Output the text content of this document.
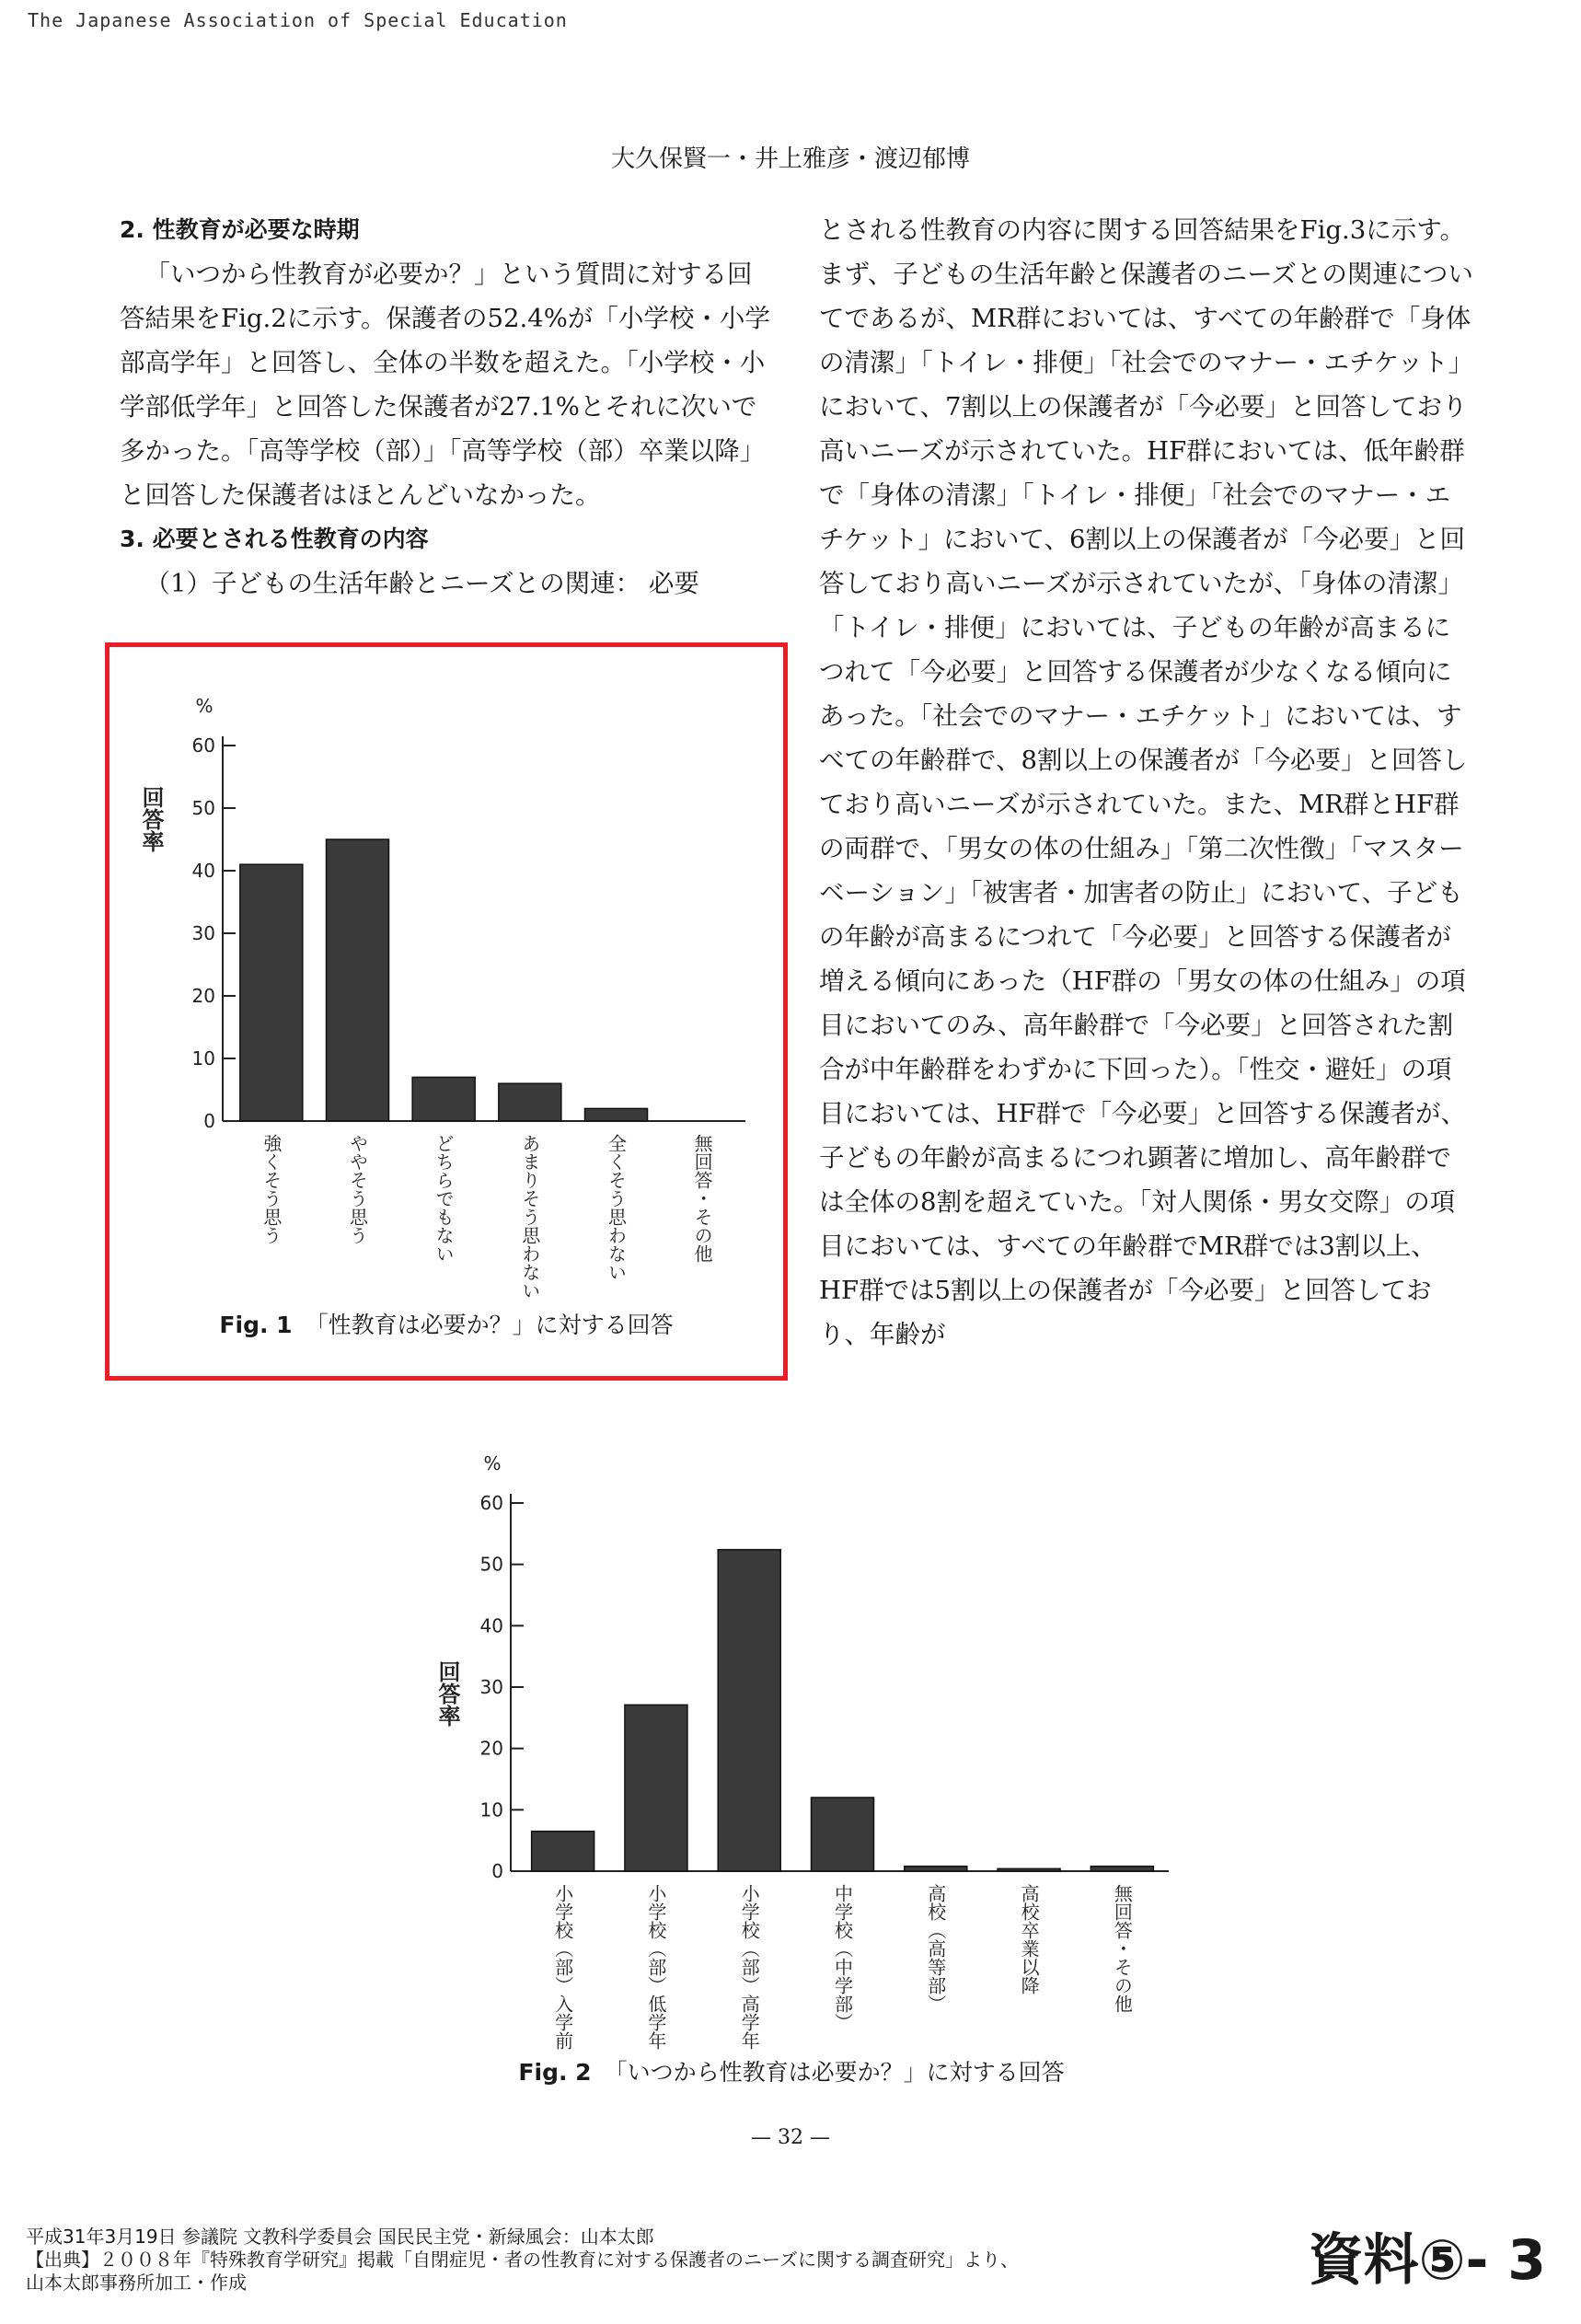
The Japanese Association of Special Education
大久保賢一・井上雅彦・渡辺郁博

2. 性教育が必要な時期

「いつから性教育が必要か？」という質問に対する回答結果をFig.2に示す。保護者の52.4%が「小学校・小学部高学年」と回答し、全体の半数を超えた。「小学校・小学部低学年」と回答した保護者が27.1%とそれに次いで多かった。「高等学校（部）」「高等学校（部）卒業以降」と回答した保護者はほとんどいなかった。

3. 必要とされる性教育の内容

（1）子どもの生活年齢とニーズとの関連： 必要

とされる性教育の内容に関する回答結果をFig.3に示す。まず、子どもの生活年齢と保護者のニーズとの関連についてであるが、MR群においては、すべての年齢群で「身体の清潔」「トイレ・排便」「社会でのマナー・エチケット」において、7割以上の保護者が「今必要」と回答しており高いニーズが示されていた。HF群においては、低年齢群で「身体の清潔」「トイレ・排便」「社会でのマナー・エチケット」において、6割以上の保護者が「今必要」と回答しており高いニーズが示されていたが、「身体の清潔」「トイレ・排便」においては、子どもの年齢が高まるにつれて「今必要」と回答する保護者が少なくなる傾向にあった。「社会でのマナー・エチケット」においては、すべての年齢群で、8割以上の保護者が「今必要」と回答しており高いニーズが示されていた。また、MR群とHF群の両群で、「男女の体の仕組み」「第二次性徴」「マスターベーション」「被害者・加害者の防止」において、子どもの年齢が高まるにつれて「今必要」と回答する保護者が増える傾向にあった（HF群の「男女の体の仕組み」の項目においてのみ、高年齢群で「今必要」と回答された割合が中年齢群をわずかに下回った）。「性交・避妊」の項目においては、HF群で「今必要」と回答する保護者が、子どもの年齢が高まるにつれ顕著に増加し、高年齢群では全体の8割を超えていた。「対人関係・男女交際」の項目においては、すべての年齢群でMR群では3割以上、HF群では5割以上の保護者が「今必要」と回答しており、年齢が

0
10
20
30
40
50
60
%
回答率
強くそう思う	ややそう思う	どちらでもない	あまりそう思わない	全くそう思わない	無回答・その他
Fig. 1 「性教育は必要か？」に対する回答
0
10
20
30
40
50
60
%
回答率
小学校（部）入学前	小学校（部）低学年	小学校（部）高学年	中学校（中学部）	高校（高等部）	高校卒業以降	無回答・その他
Fig. 2 「いつから性教育は必要か？」に対する回答
— 32 —
平成31年3月19日 参議院 文教科学委員会 国民民主党・新緑風会：山本太郎
【出典】２００８年『特殊教育学研究』掲載「自閉症児・者の性教育に対する保護者のニーズに関する調査研究」より、
山本太郎事務所加工・作成	資料⑤- 3
